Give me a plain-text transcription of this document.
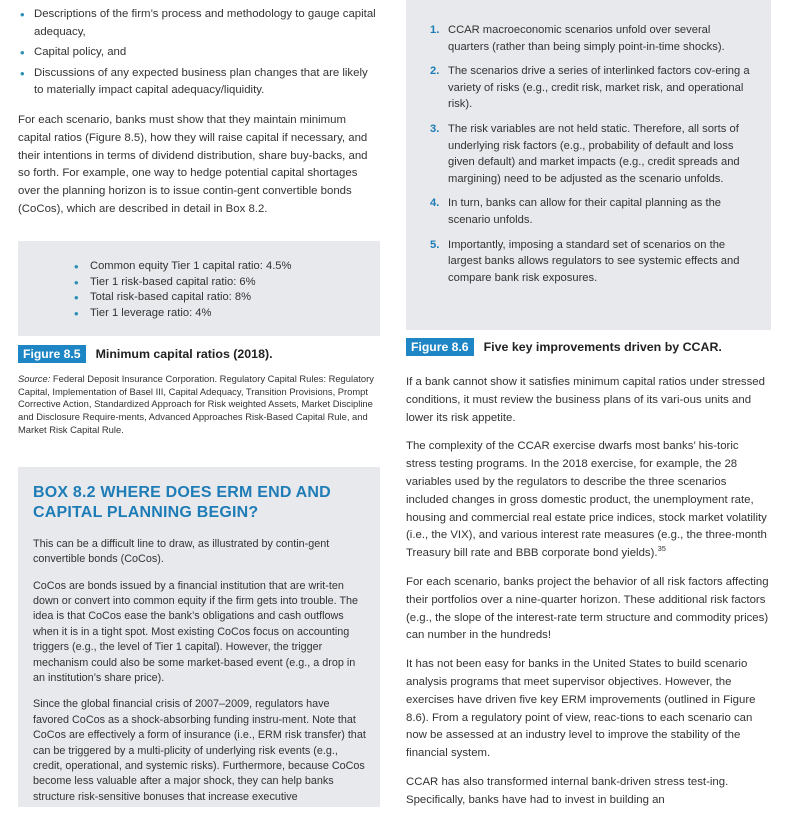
• Descriptions of the firm’s process and methodology to gauge capital adequacy,
• Capital policy, and
• Discussions of any expected business plan changes that are likely to materially impact capital adequacy/liquidity.

For each scenario, banks must show that they maintain minimum capital ratios (Figure 8.5), how they will raise capital if necessary, and their intentions in terms of dividend distribution, share buy-backs, and so forth. For example, one way to hedge potential capital shortages over the planning horizon is to issue contin-gent convertible bonds (CoCos), which are described in detail in Box 8.2.

• Common equity Tier 1 capital ratio: 4.5%
• Tier 1 risk-based capital ratio: 6%
• Total risk-based capital ratio: 8%
• Tier 1 leverage ratio: 4%
Figure 8.5	Minimum capital ratios (2018).
Source: Federal Deposit Insurance Corporation. Regulatory Capital Rules: Regulatory Capital, Implementation of Basel III, Capital Adequacy, Transition Provisions, Prompt Corrective Action, Standardized Approach for Risk weighted Assets, Market Discipline and Disclosure Require-ments, Advanced Approaches Risk-Based Capital Rule, and Market Risk Capital Rule.
BOX 8.2 WHERE DOES ERM END AND CAPITAL PLANNING BEGIN?

This can be a difficult line to draw, as illustrated by contin-gent convertible bonds (CoCos).

CoCos are bonds issued by a financial institution that are writ-ten down or convert into common equity if the firm gets into trouble. The idea is that CoCos ease the bank’s obligations and cash outflows when it is in a tight spot. Most existing CoCos focus on accounting triggers (e.g., the level of Tier 1 capital). However, the trigger mechanism could also be some market-based event (e.g., a drop in an institution’s share price).

Since the global financial crisis of 2007–2009, regulators have favored CoCos as a shock-absorbing funding instru-ment. Note that CoCos are effectively a form of insurance (i.e., ERM risk transfer) that can be triggered by a multi-plicity of underlying risk events (e.g., credit, operational, and systemic risks). Furthermore, because CoCos become less valuable after a major shock, they can help banks structure risk-sensitive bonuses that increase executive

1. CCAR macroeconomic scenarios unfold over several quarters (rather than being simply point-in-time shocks).
2. The scenarios drive a series of interlinked factors cov-ering a variety of risks (e.g., credit risk, market risk, and operational risk).
3. The risk variables are not held static. Therefore, all sorts of underlying risk factors (e.g., probability of default and loss given default) and market impacts (e.g., credit spreads and margining) need to be adjusted as the scenario unfolds.
4. In turn, banks can allow for their capital planning as the scenario unfolds.
5. Importantly, imposing a standard set of scenarios on the largest banks allows regulators to see systemic effects and compare bank risk exposures.
Figure 8.6	Five key improvements driven by CCAR.

If a bank cannot show it satisfies minimum capital ratios under stressed conditions, it must review the business plans of its vari-ous units and lower its risk appetite.

The complexity of the CCAR exercise dwarfs most banks’ his-toric stress testing programs. In the 2018 exercise, for example, the 28 variables used by the regulators to describe the three scenarios included changes in gross domestic product, the unemployment rate, housing and commercial real estate price indices, stock market volatility (i.e., the VIX), and various interest rate measures (e.g., the three-month Treasury bill rate and BBB corporate bond yields).$^{35}$

For each scenario, banks project the behavior of all risk factors affecting their portfolios over a nine-quarter horizon. These additional risk factors (e.g., the slope of the interest-rate term structure and commodity prices) can number in the hundreds!

It has not been easy for banks in the United States to build scenario analysis programs that meet supervisor objectives. However, the exercises have driven five key ERM improvements (outlined in Figure 8.6). From a regulatory point of view, reac-tions to each scenario can now be assessed at an industry level to improve the stability of the financial system.

CCAR has also transformed internal bank-driven stress test-ing. Specifically, banks have had to invest in building an
